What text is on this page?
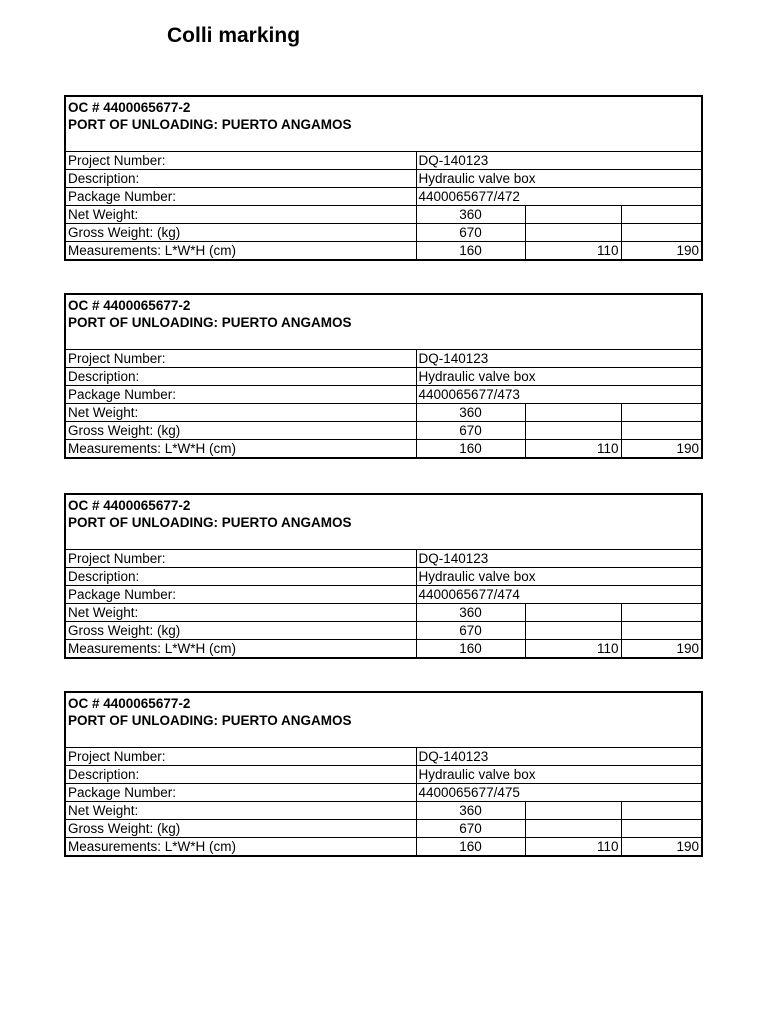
Colli marking
OC # 4400065677-2
PORT OF UNLOADING: PUERTO ANGAMOS
Project Number:	DQ-140123		
Description:	Hydraulic valve box		
Package Number:	4400065677/472		
Net Weight:	360		
Gross Weight: (kg)	670		
Measurements: L*W*H (cm)	160	110	190
OC # 4400065677-2
PORT OF UNLOADING: PUERTO ANGAMOS
Project Number:	DQ-140123		
Description:	Hydraulic valve box		
Package Number:	4400065677/473		
Net Weight:	360		
Gross Weight: (kg)	670		
Measurements: L*W*H (cm)	160	110	190
OC # 4400065677-2
PORT OF UNLOADING: PUERTO ANGAMOS
Project Number:	DQ-140123		
Description:	Hydraulic valve box		
Package Number:	4400065677/474		
Net Weight:	360		
Gross Weight: (kg)	670		
Measurements: L*W*H (cm)	160	110	190
OC # 4400065677-2
PORT OF UNLOADING: PUERTO ANGAMOS
Project Number:	DQ-140123		
Description:	Hydraulic valve box		
Package Number:	4400065677/475		
Net Weight:	360		
Gross Weight: (kg)	670		
Measurements: L*W*H (cm)	160	110	190
